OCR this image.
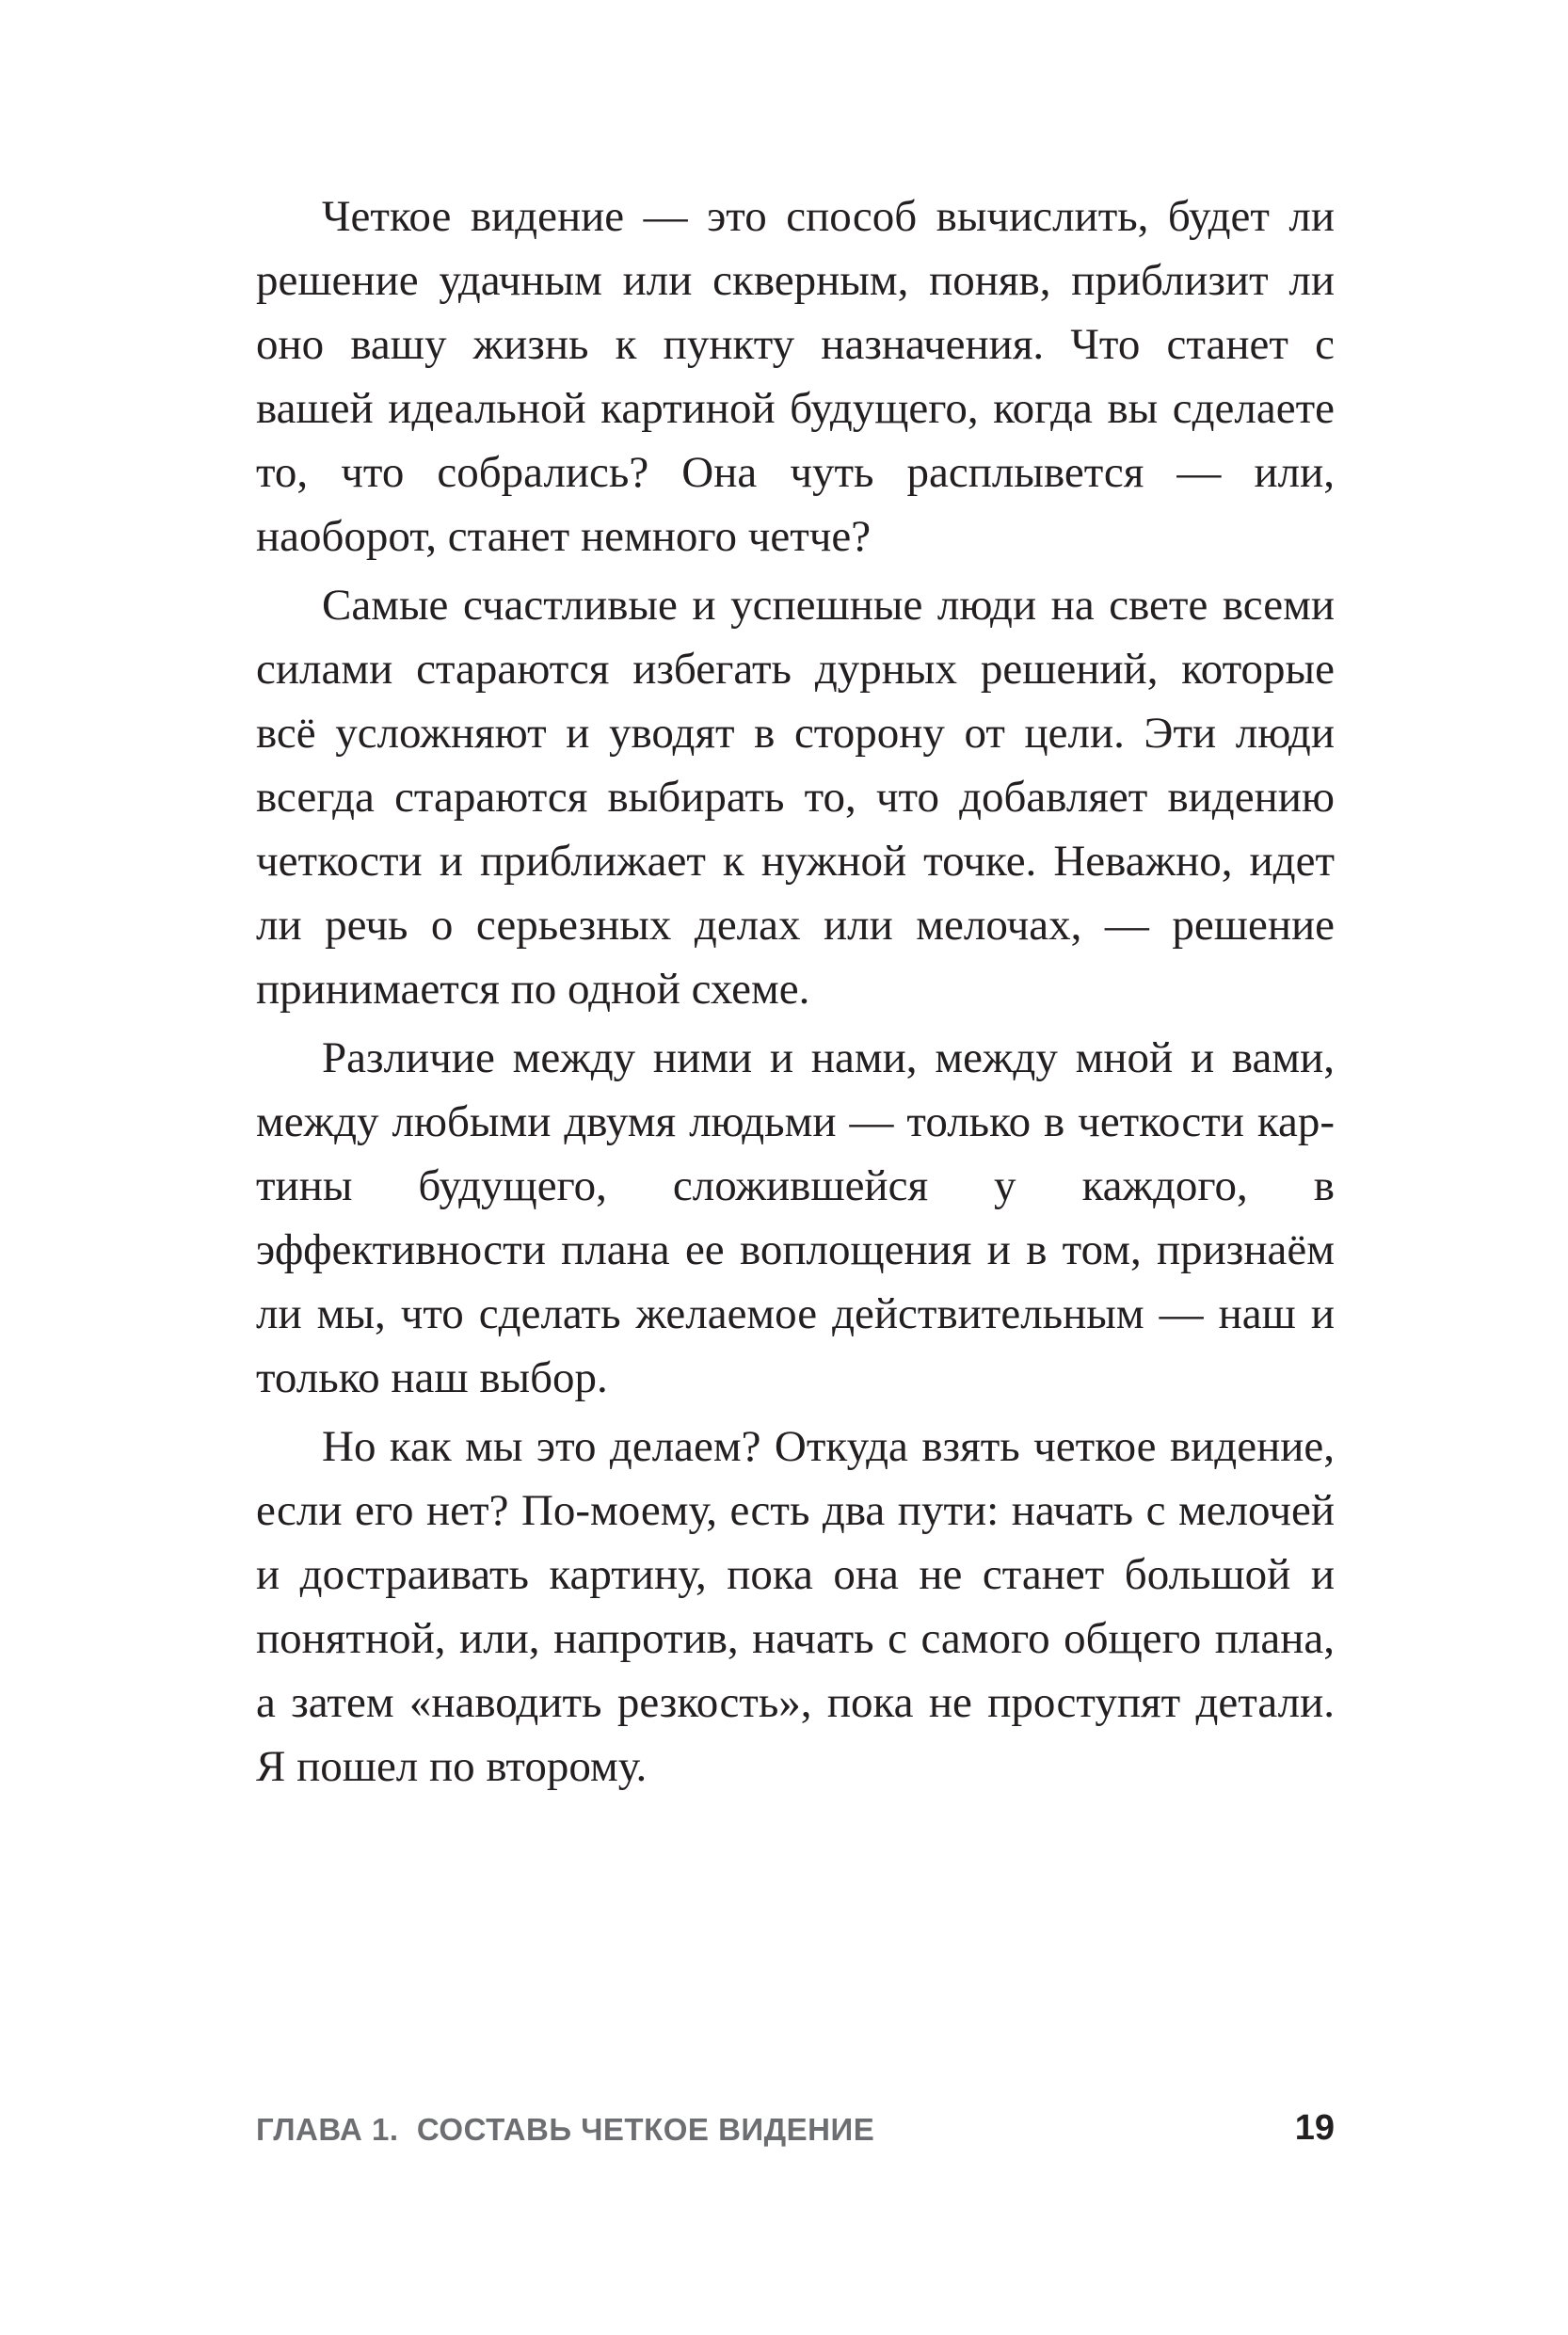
Четкое видение — это способ вычислить, будет ли решение удачным или скверным, поняв, приблизит ли оно вашу жизнь к пункту назначения. Что станет с вашей идеальной картиной будущего, когда вы сделаете то, что собрались? Она чуть расплывется — или, наоборот, станет немного четче?

Самые счастливые и успешные люди на свете всеми силами стараются избегать дурных решений, которые всё усложняют и уводят в сторону от цели. Эти люди всегда стараются выбирать то, что добавляет видению четкости и приближает к нужной точке. Неважно, идет ли речь о серьезных делах или мелочах, — решение принимается по одной схеме.

Различие между ними и нами, между мной и вами, между любыми двумя людьми — только в четкости картины будущего, сложившейся у каждого, в эффективности плана ее воплощения и в том, признаём ли мы, что сделать желаемое действительным — наш и только наш выбор.

Но как мы это делаем? Откуда взять четкое видение, если его нет? По-моему, есть два пути: начать с мелочей и достраивать картину, пока она не станет большой и понятной, или, напротив, начать с самого общего плана, а затем «наводить резкость», пока не проступят детали. Я пошел по второму.

ГЛАВА 1.  СОСТАВЬ ЧЕТКОЕ ВИДЕНИЕ	19
